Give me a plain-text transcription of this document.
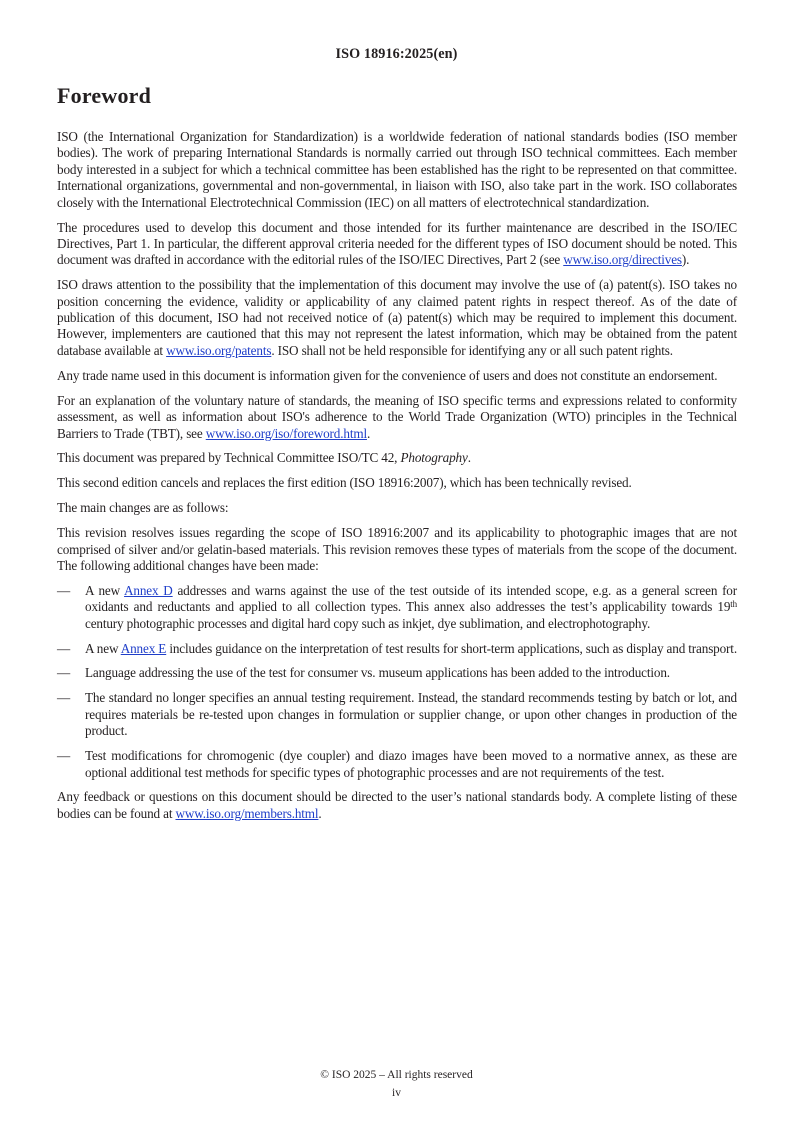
ISO 18916:2025(en)
Foreword

ISO (the International Organization for Standardization) is a worldwide federation of national standards bodies (ISO member bodies). The work of preparing International Standards is normally carried out through ISO technical committees. Each member body interested in a subject for which a technical committee has been established has the right to be represented on that committee. International organizations, governmental and non-governmental, in liaison with ISO, also take part in the work. ISO collaborates closely with the International Electrotechnical Commission (IEC) on all matters of electrotechnical standardization.

The procedures used to develop this document and those intended for its further maintenance are described in the ISO/IEC Directives, Part 1. In particular, the different approval criteria needed for the different types of ISO document should be noted. This document was drafted in accordance with the editorial rules of the ISO/IEC Directives, Part 2 (see www.iso.org/directives).

ISO draws attention to the possibility that the implementation of this document may involve the use of (a) patent(s). ISO takes no position concerning the evidence, validity or applicability of any claimed patent rights in respect thereof. As of the date of publication of this document, ISO had not received notice of (a) patent(s) which may be required to implement this document. However, implementers are cautioned that this may not represent the latest information, which may be obtained from the patent database available at www.iso.org/patents. ISO shall not be held responsible for identifying any or all such patent rights.

Any trade name used in this document is information given for the convenience of users and does not constitute an endorsement.

For an explanation of the voluntary nature of standards, the meaning of ISO specific terms and expressions related to conformity assessment, as well as information about ISO's adherence to the World Trade Organization (WTO) principles in the Technical Barriers to Trade (TBT), see www.iso.org/iso/foreword.html.

This document was prepared by Technical Committee ISO/TC 42, Photography.

This second edition cancels and replaces the first edition (ISO 18916:2007), which has been technically revised.

The main changes are as follows:

This revision resolves issues regarding the scope of ISO 18916:2007 and its applicability to photographic images that are not comprised of silver and/or gelatin-based materials. This revision removes these types of materials from the scope of the document. The following additional changes have been made:

— A new Annex D addresses and warns against the use of the test outside of its intended scope, e.g. as a general screen for oxidants and reductants and applied to all collection types. This annex also addresses the test’s applicability towards 19th century photographic processes and digital hard copy such as inkjet, dye sublimation, and electrophotography.
— A new Annex E includes guidance on the interpretation of test results for short-term applications, such as display and transport.
— Language addressing the use of the test for consumer vs. museum applications has been added to the introduction.
— The standard no longer specifies an annual testing requirement. Instead, the standard recommends testing by batch or lot, and requires materials be re-tested upon changes in formulation or supplier change, or upon other changes in production of the product.
— Test modifications for chromogenic (dye coupler) and diazo images have been moved to a normative annex, as these are optional additional test methods for specific types of photographic processes and are not requirements of the test.

Any feedback or questions on this document should be directed to the user’s national standards body. A complete listing of these bodies can be found at www.iso.org/members.html.

© ISO 2025 – All rights reserved
iv
